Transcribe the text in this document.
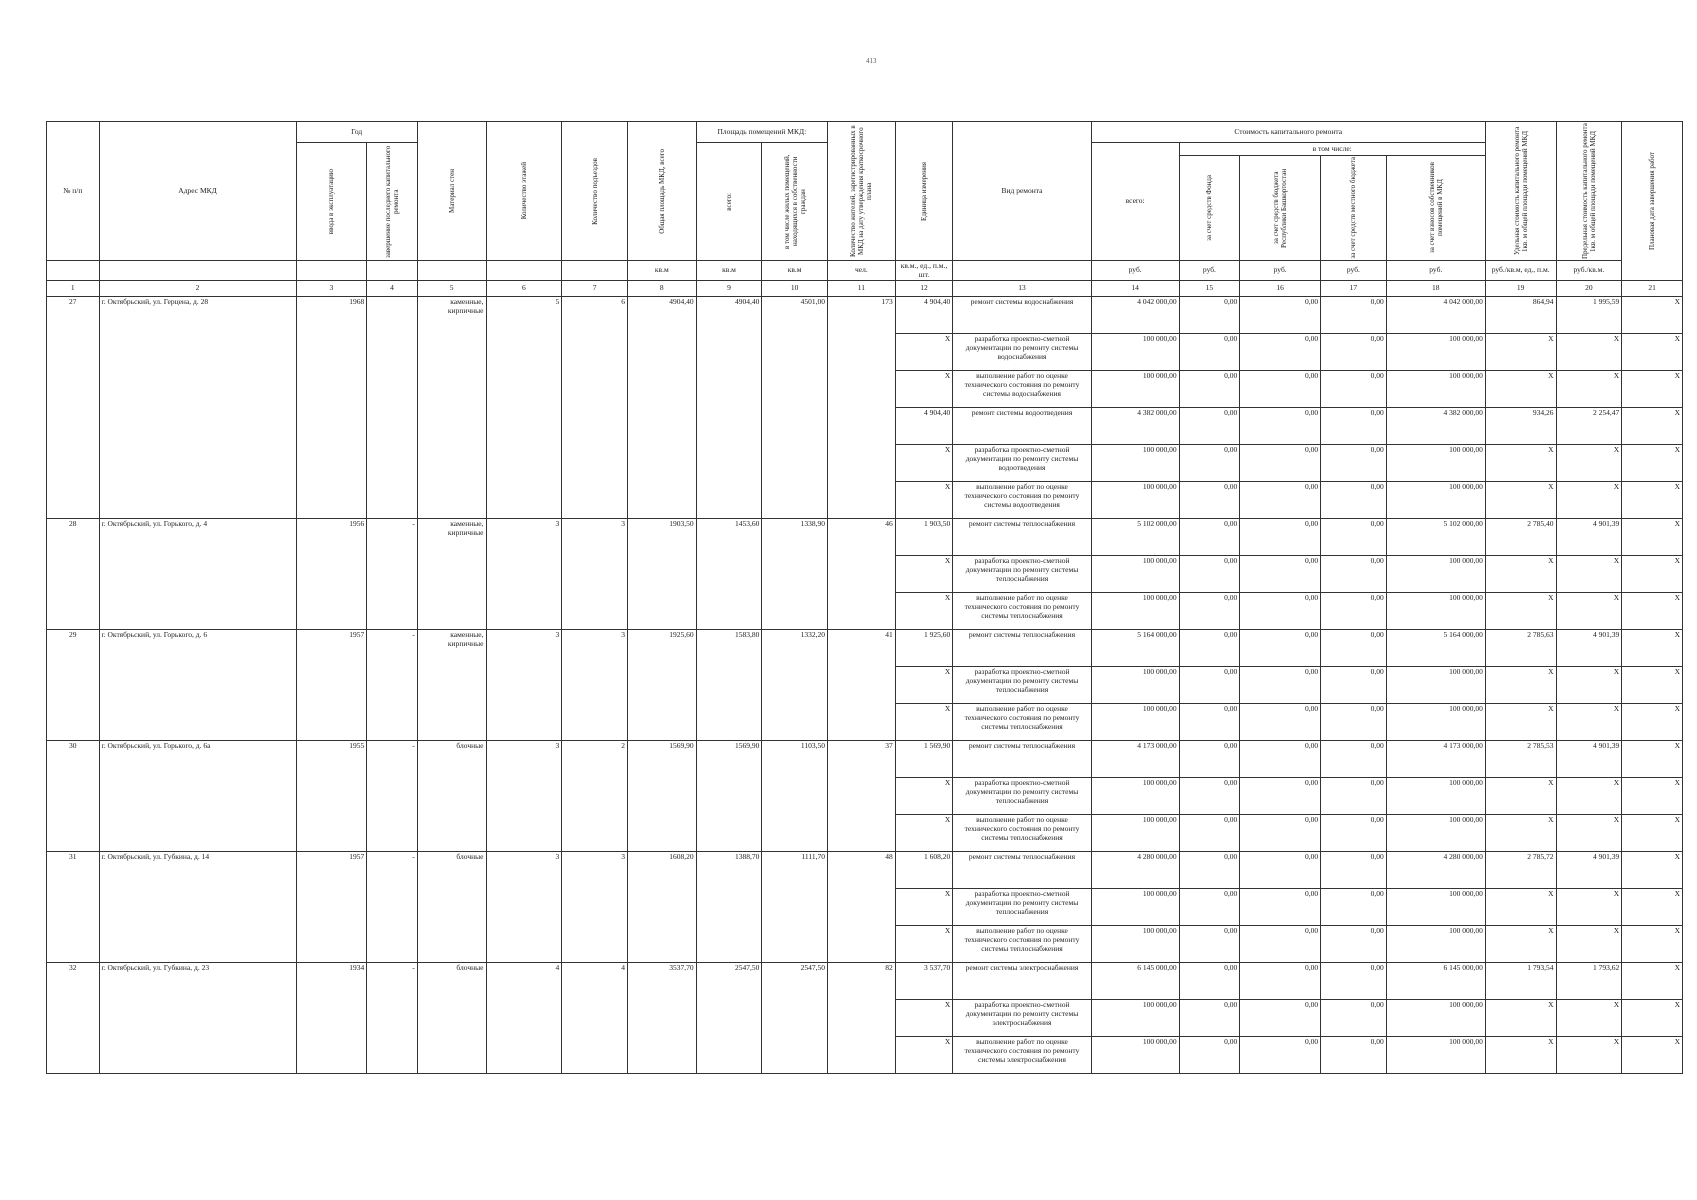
413
№ п/п	Адрес МКД	Год		Материал стен	Количество этажей	Количество подъездов	Общая площадь МКД, всего	Площадь помещений МКД:		Количество жителей, зарегистрированных в МКД на дату утверждения краткосрочного плана	Единица измерения	Вид ремонта	Стоимость капитального ремонта					Удельная стоимость капитального ремонта 1кв. м общей площади помещений МКД	Предельная стоимость капитального ремонта 1кв. м общей площади помещений МКД	Плановая дата завершения работ

		ввода в эксплуатацию	завершение последнего капитального ремонта					всего:	в том числе жилых помещений, находящихся в собственности граждан				всего:	в том числе:						

														за счет средств Фонда	за счет средств бюджета Республики Башкортостан	за счет средств местного бюджета	за счет взносов собственников помещений в МКД			

							кв.м	кв.м	кв.м	чел.	кв.м., ед., п.м., шт.		руб.	руб.	руб.	руб.	руб.	руб./кв.м, ед., п.м.	руб./кв.м.	
1	2	3	4	5	6	7	8	9	10	11	12	13	14	15	16	17	18	19	20	21
27	г. Октябрьский, ул. Герцена, д. 28	1968		каменные, кирпичные	5	6	4904,40	4904,40	4501,00	173	4 904,40	ремонт системы водоснабжения	4 042 000,00	0,00	0,00	0,00	4 042 000,00	864,94	1 995,59	X
											X	разработка проектно-сметной документации по ремонту системы водоснабжения	100 000,00	0,00	0,00	0,00	100 000,00	X	X	X
											X	выполнение работ по оценке технического состояния по ремонту системы водоснабжения	100 000,00	0,00	0,00	0,00	100 000,00	X	X	X
											4 904,40	ремонт системы водоотведения	4 382 000,00	0,00	0,00	0,00	4 382 000,00	934,26	2 254,47	X
											X	разработка проектно-сметной документации по ремонту системы водоотведения	100 000,00	0,00	0,00	0,00	100 000,00	X	X	X
											X	выполнение работ по оценке технического состояния по ремонту системы водоотведения	100 000,00	0,00	0,00	0,00	100 000,00	X	X	X
28	г. Октябрьский, ул. Горького, д. 4	1956	-	каменные, кирпичные	3	3	1903,50	1453,60	1338,90	46	1 903,50	ремонт системы теплоснабжения	5 102 000,00	0,00	0,00	0,00	5 102 000,00	2 785,40	4 901,39	X
											X	разработка проектно-сметной документации по ремонту системы теплоснабжения	100 000,00	0,00	0,00	0,00	100 000,00	X	X	X
											X	выполнение работ по оценке технического состояния по ремонту системы теплоснабжения	100 000,00	0,00	0,00	0,00	100 000,00	X	X	X
29	г. Октябрьский, ул. Горького, д. 6	1957	-	каменные, кирпичные	3	3	1925,60	1583,80	1332,20	41	1 925,60	ремонт системы теплоснабжения	5 164 000,00	0,00	0,00	0,00	5 164 000,00	2 785,63	4 901,39	X
											X	разработка проектно-сметной документации по ремонту системы теплоснабжения	100 000,00	0,00	0,00	0,00	100 000,00	X	X	X
											X	выполнение работ по оценке технического состояния по ремонту системы теплоснабжения	100 000,00	0,00	0,00	0,00	100 000,00	X	X	X
30	г. Октябрьский, ул. Горького, д. 6а	1955	-	блочные	3	2	1569,90	1569,90	1103,50	37	1 569,90	ремонт системы теплоснабжения	4 173 000,00	0,00	0,00	0,00	4 173 000,00	2 785,53	4 901,39	X
											X	разработка проектно-сметной документации по ремонту системы теплоснабжения	100 000,00	0,00	0,00	0,00	100 000,00	X	X	X
											X	выполнение работ по оценке технического состояния по ремонту системы теплоснабжения	100 000,00	0,00	0,00	0,00	100 000,00	X	X	X
31	г. Октябрьский, ул. Губкина, д. 14	1957	-	блочные	3	3	1608,20	1388,70	1111,70	48	1 608,20	ремонт системы теплоснабжения	4 280 000,00	0,00	0,00	0,00	4 280 000,00	2 785,72	4 901,39	X
											X	разработка проектно-сметной документации по ремонту системы теплоснабжения	100 000,00	0,00	0,00	0,00	100 000,00	X	X	X
											X	выполнение работ по оценке технического состояния по ремонту системы теплоснабжения	100 000,00	0,00	0,00	0,00	100 000,00	X	X	X
32	г. Октябрьский, ул. Губкина, д. 23	1934	-	блочные	4	4	3537,70	2547,50	2547,50	82	3 537,70	ремонт системы электроснабжения	6 145 000,00	0,00	0,00	0,00	6 145 000,00	1 793,54	1 793,62	X
											X	разработка проектно-сметной документации по ремонту системы электроснабжения	100 000,00	0,00	0,00	0,00	100 000,00	X	X	X
											X	выполнение работ по оценке технического состояния по ремонту системы электроснабжения	100 000,00	0,00	0,00	0,00	100 000,00	X	X	X
